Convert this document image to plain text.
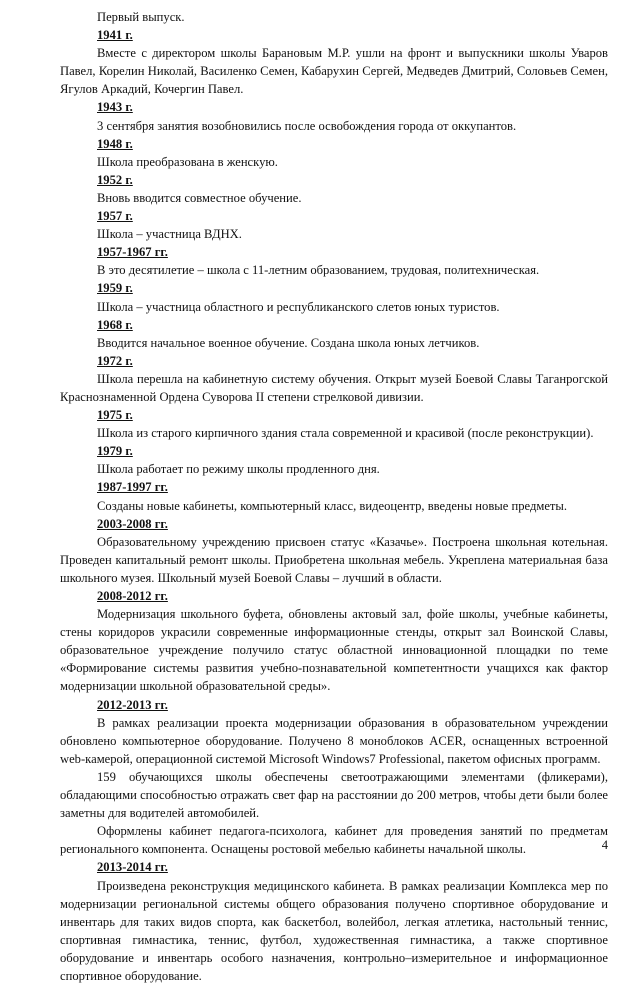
Первый выпуск.

1941 г.

Вместе с директором школы Барановым М.Р. ушли на фронт и выпускники школы Уваров Павел, Корелин Николай, Василенко Семен, Кабарухин Сергей, Медведев Дмитрий, Соловьев Семен, Ягулов Аркадий, Кочергин Павел.

1943 г.

3 сентября занятия возобновились после освобождения города от оккупантов.

1948 г.

Школа преобразована в женскую.

1952 г.

Вновь вводится совместное обучение.

1957 г.

Школа – участница ВДНХ.

1957-1967 гг.

В это десятилетие – школа с 11-летним образованием, трудовая, политехническая.

1959 г.

Школа – участница областного и республиканского слетов юных туристов.

1968 г.

Вводится начальное военное обучение. Создана школа юных летчиков.

1972 г.

Школа перешла на кабинетную систему обучения. Открыт музей Боевой Славы Таганрогской Краснознаменной Ордена Суворова II степени стрелковой дивизии.

1975 г.

Школа из старого кирпичного здания стала современной и красивой (после реконструкции).

1979 г.

Школа работает по режиму школы продленного дня.

1987-1997 гг.

Созданы новые кабинеты, компьютерный класс, видеоцентр, введены новые предметы.

2003-2008 гг.

Образовательному учреждению присвоен статус «Казачье». Построена школьная котельная. Проведен капитальный ремонт школы. Приобретена школьная мебель. Укреплена материальная база школьного музея. Школьный музей Боевой Славы – лучший в области.

2008-2012 гг.

Модернизация школьного буфета, обновлены актовый зал, фойе школы, учебные кабинеты, стены коридоров украсили современные информационные стенды, открыт зал Воинской Славы, образовательное учреждение получило статус областной инновационной площадки по теме «Формирование системы развития учебно-познавательной компетентности учащихся как фактор модернизации школьной образовательной среды».

2012-2013 гг.

В рамках реализации проекта модернизации образования в образовательном учреждении обновлено компьютерное оборудование. Получено 8 моноблоков ACER, оснащенных встроенной web-камерой, операционной системой Microsoft Windows7 Professional, пакетом офисных программ.

159 обучающихся школы обеспечены светоотражающими элементами (фликерами), обладающими способностью отражать свет фар на расстоянии до 200 метров, чтобы дети были более заметны для водителей автомобилей.

Оформлены кабинет педагога-психолога, кабинет для проведения занятий по предметам регионального компонента. Оснащены ростовой мебелью кабинеты начальной школы.

2013-2014 гг.

Произведена реконструкция медицинского кабинета. В рамках реализации Комплекса мер по модернизации региональной системы общего образования получено спортивное оборудование и инвентарь для таких видов спорта, как баскетбол, волейбол, легкая атлетика, настольный теннис, спортивная гимнастика, теннис, футбол, художественная гимнастика, а также спортивное оборудование и инвентарь особого назначения, контрольно–измерительное и информационное спортивное оборудование.

4
